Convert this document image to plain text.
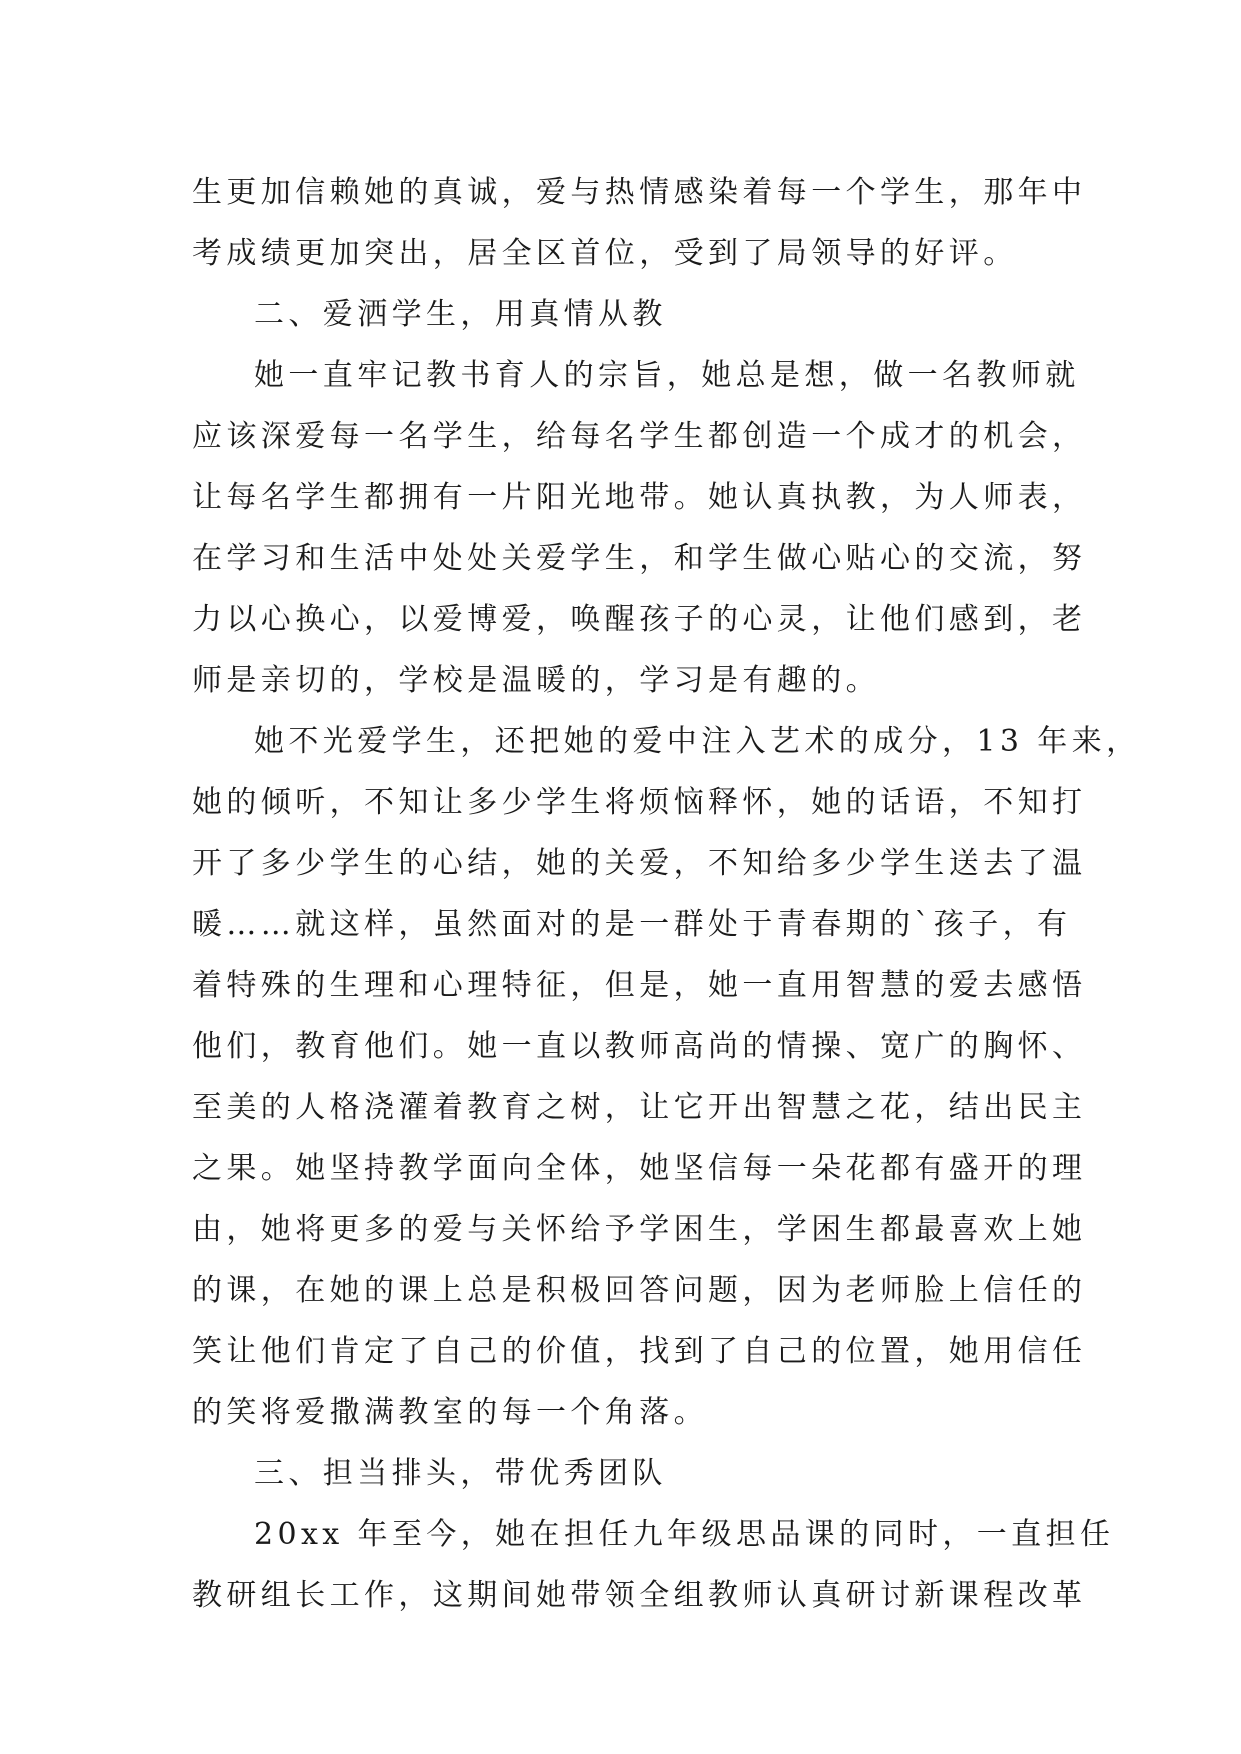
生更加信赖她的真诚，爱与热情感染着每一个学生，那年中
考成绩更加突出，居全区首位，受到了局领导的好评。
二、爱洒学生，用真情从教
她一直牢记教书育人的宗旨，她总是想，做一名教师就
应该深爱每一名学生，给每名学生都创造一个成才的机会，
让每名学生都拥有一片阳光地带。她认真执教，为人师表，
在学习和生活中处处关爱学生，和学生做心贴心的交流，努
力以心换心，以爱博爱，唤醒孩子的心灵，让他们感到，老
师是亲切的，学校是温暖的，学习是有趣的。
她不光爱学生，还把她的爱中注入艺术的成分，13 年来，
她的倾听，不知让多少学生将烦恼释怀，她的话语，不知打
开了多少学生的心结，她的关爱，不知给多少学生送去了温
暖……就这样，虽然面对的是一群处于青春期的`孩子，有
着特殊的生理和心理特征，但是，她一直用智慧的爱去感悟
他们，教育他们。她一直以教师高尚的情操、宽广的胸怀、
至美的人格浇灌着教育之树，让它开出智慧之花，结出民主
之果。她坚持教学面向全体，她坚信每一朵花都有盛开的理
由，她将更多的爱与关怀给予学困生，学困生都最喜欢上她
的课，在她的课上总是积极回答问题，因为老师脸上信任的
笑让他们肯定了自己的价值，找到了自己的位置，她用信任
的笑将爱撒满教室的每一个角落。
三、担当排头，带优秀团队
20xx 年至今，她在担任九年级思品课的同时，一直担任
教研组长工作，这期间她带领全组教师认真研讨新课程改革
